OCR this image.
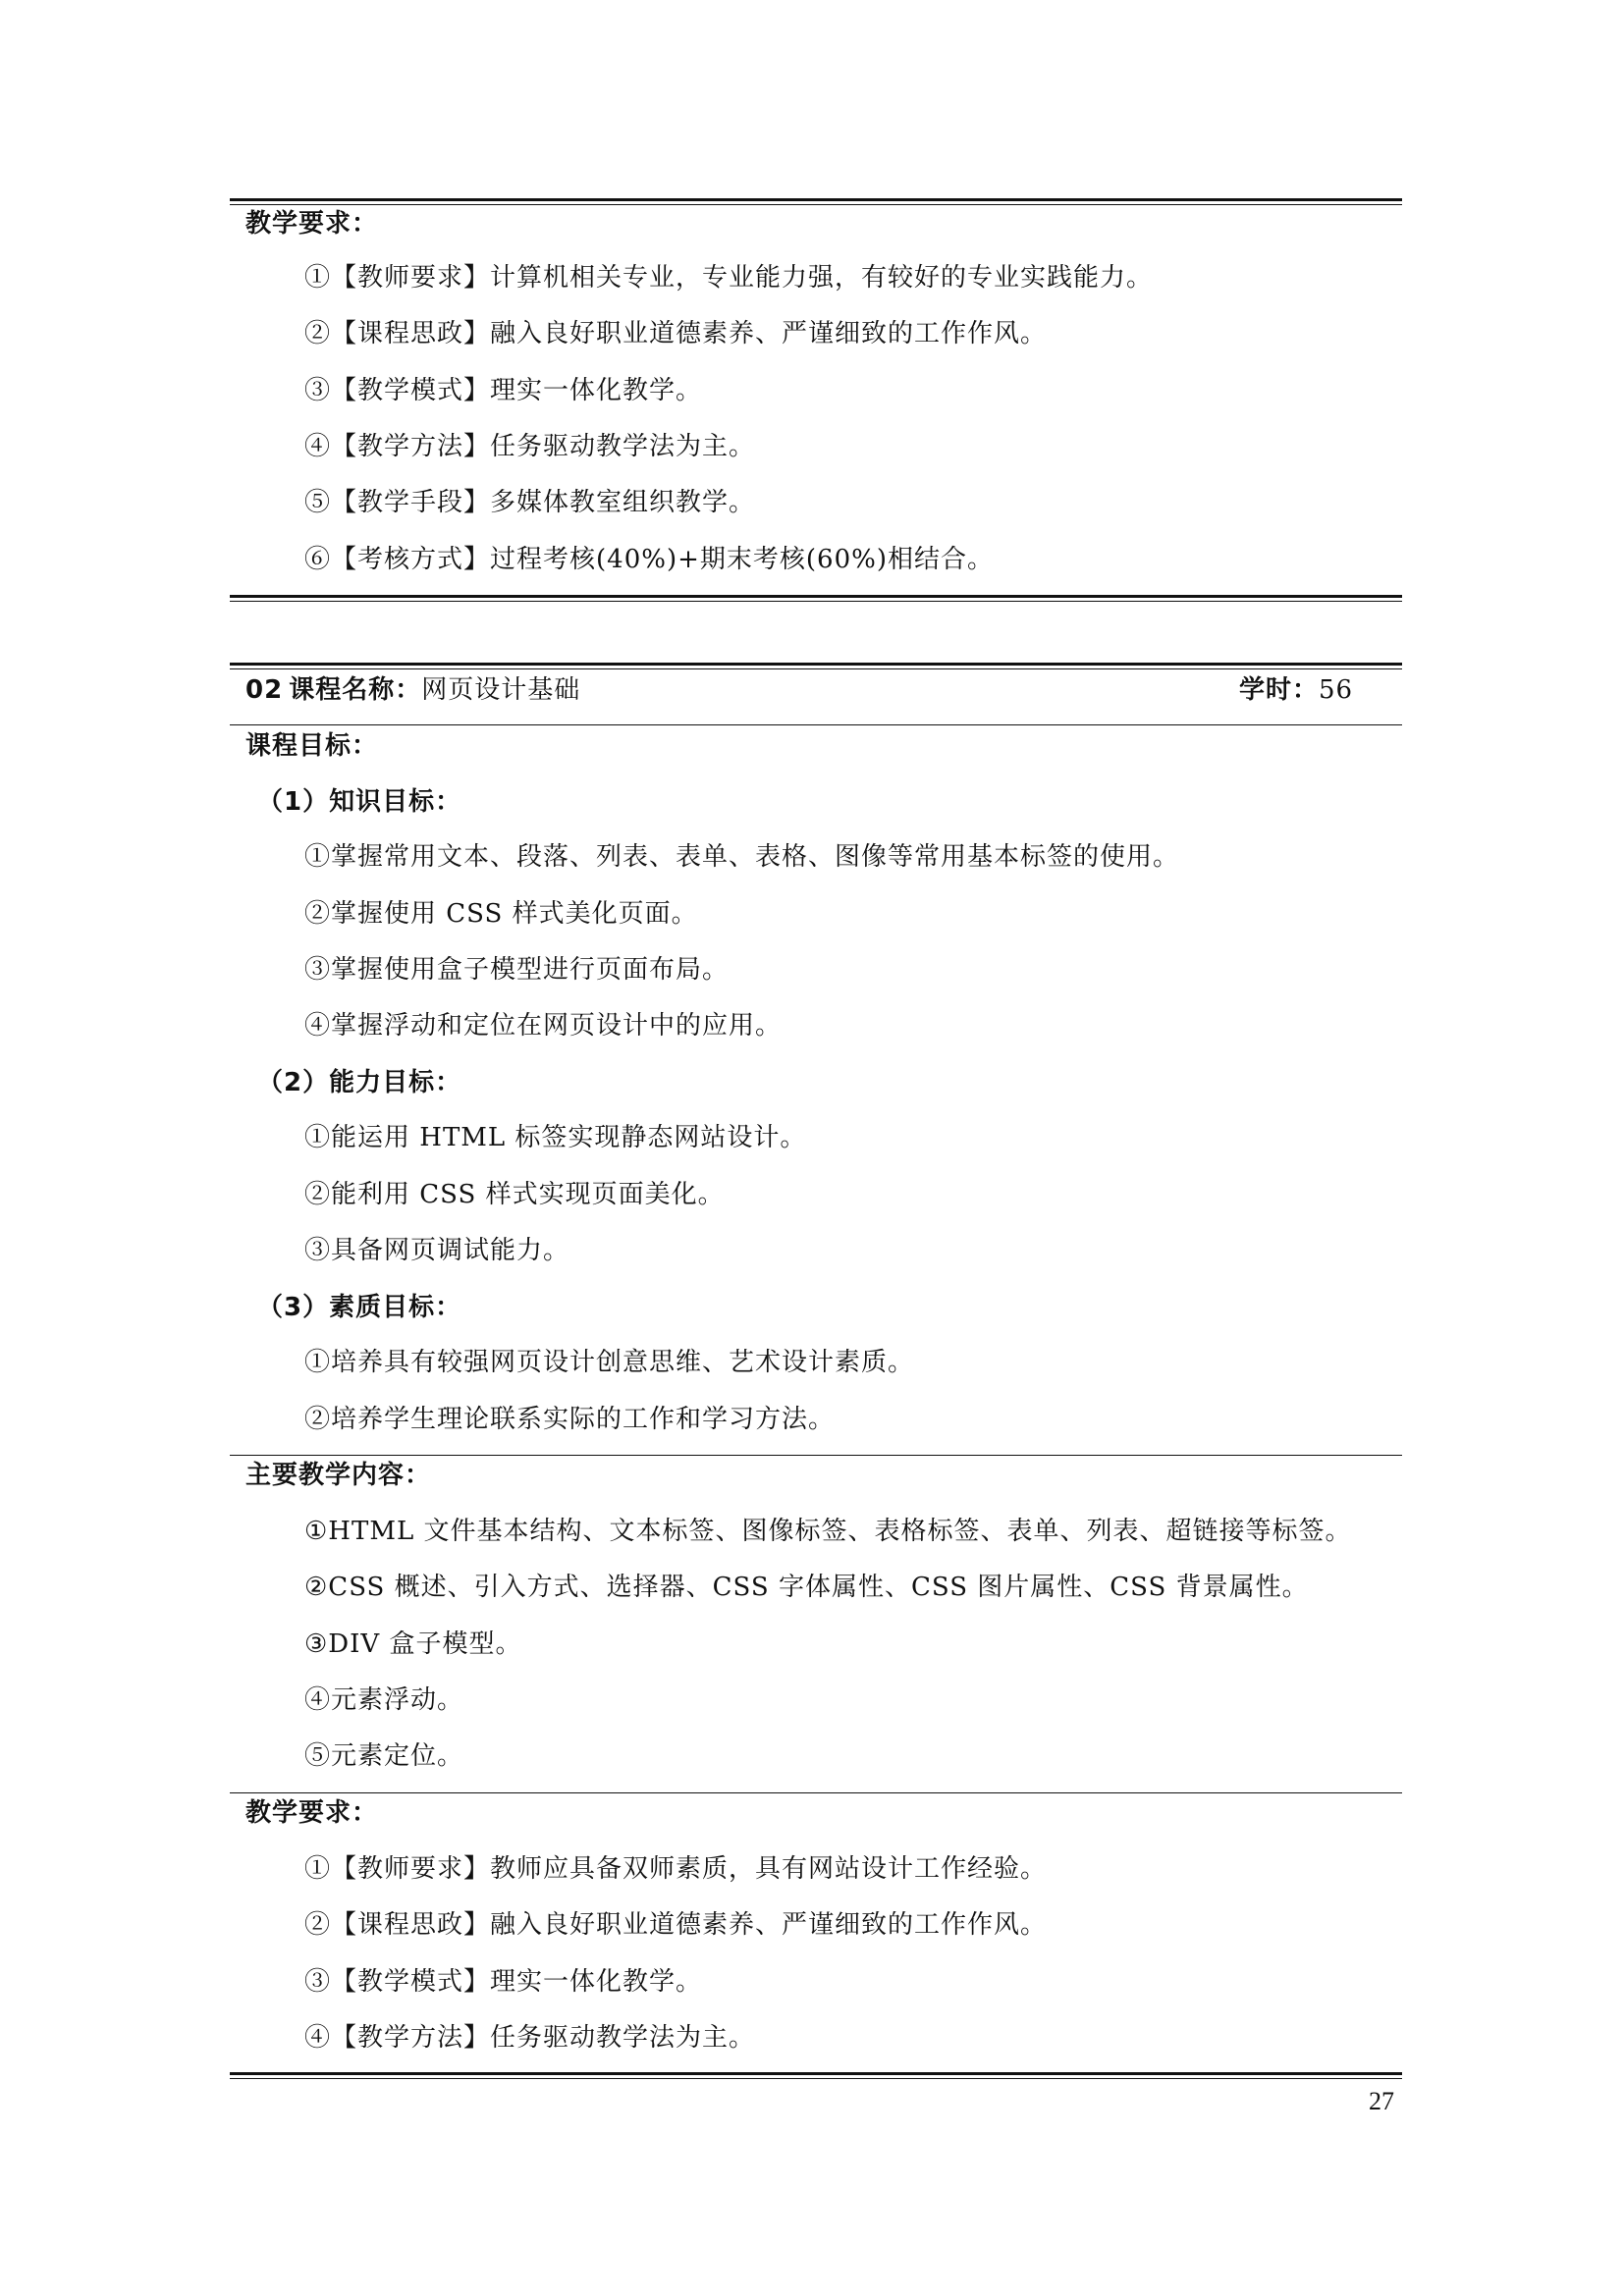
教学要求：
①【教师要求】计算机相关专业，专业能力强，有较好的专业实践能力。
②【课程思政】融入良好职业道德素养、严谨细致的工作作风。
③【教学模式】理实一体化教学。
④【教学方法】任务驱动教学法为主。
⑤【教学手段】多媒体教室组织教学。
⑥【考核方式】过程考核(40%)+期末考核(60%)相结合。
02 课程名称：网页设计基础	学时：56
课程目标：
（1）知识目标：
①掌握常用文本、段落、列表、表单、表格、图像等常用基本标签的使用。
②掌握使用 CSS 样式美化页面。
③掌握使用盒子模型进行页面布局。
④掌握浮动和定位在网页设计中的应用。
（2）能力目标：
①能运用 HTML 标签实现静态网站设计。
②能利用 CSS 样式实现页面美化。
③具备网页调试能力。
（3）素质目标：
①培养具有较强网页设计创意思维、艺术设计素质。
②培养学生理论联系实际的工作和学习方法。
主要教学内容：
①HTML 文件基本结构、文本标签、图像标签、表格标签、表单、列表、超链接等标签。
②CSS 概述、引入方式、选择器、CSS 字体属性、CSS 图片属性、CSS 背景属性。
③DIV 盒子模型。
④元素浮动。
⑤元素定位。
教学要求：
①【教师要求】教师应具备双师素质，具有网站设计工作经验。
②【课程思政】融入良好职业道德素养、严谨细致的工作作风。
③【教学模式】理实一体化教学。
④【教学方法】任务驱动教学法为主。
27
